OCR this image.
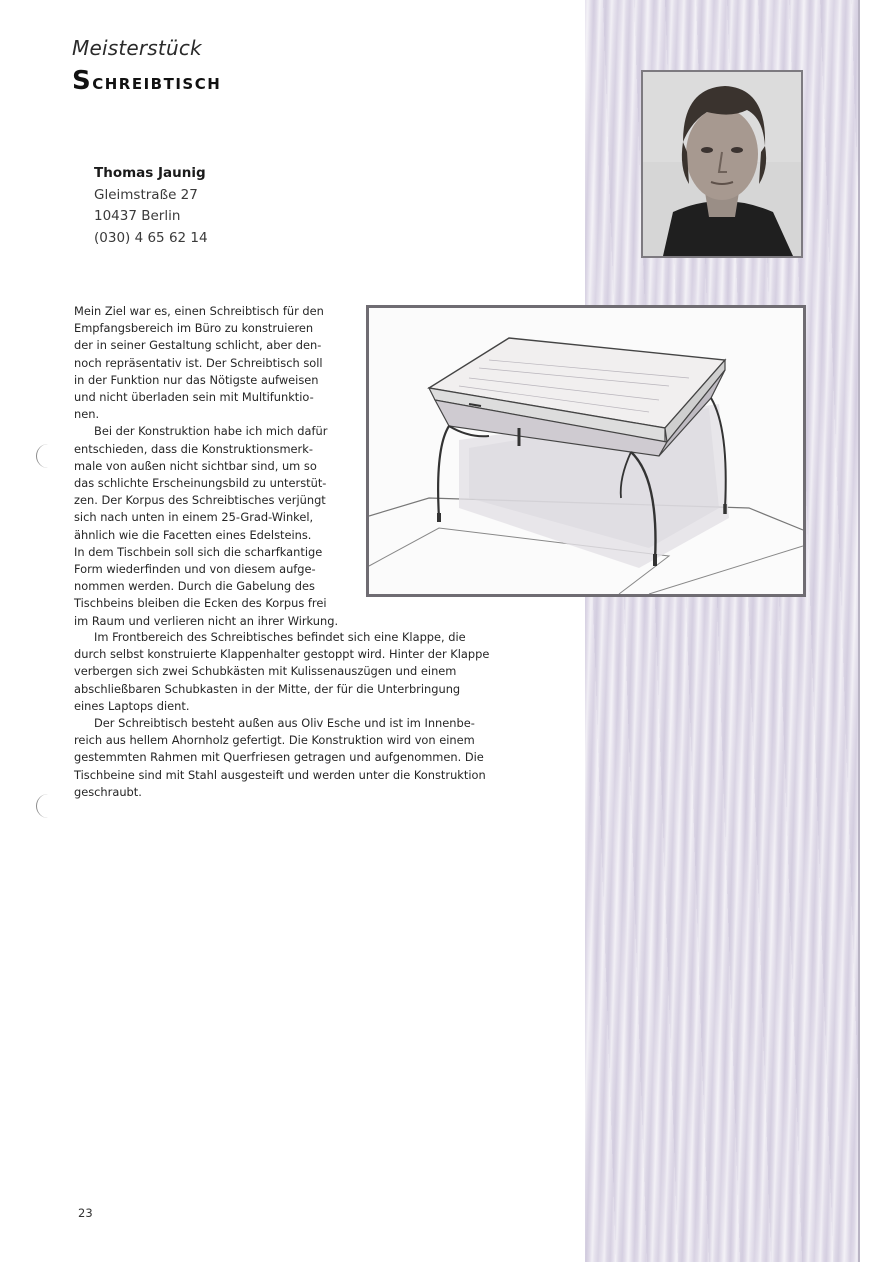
Meisterstück
Schreibtisch
Thomas Jaunig
Gleimstraße 27
10437 Berlin
(030) 4 65 62 14

Mein Ziel war es, einen Schreibtisch für den

Empfangsbereich im Büro zu konstruieren

der in seiner Gestaltung schlicht, aber den-

noch repräsentativ ist. Der Schreibtisch soll

in der Funktion nur das Nötigste aufweisen

und nicht überladen sein mit Multifunktio-

nen.

Bei der Konstruktion habe ich mich dafür

entschieden, dass die Konstruktionsmerk-

male von außen nicht sichtbar sind, um so

das schlichte Erscheinungsbild zu unterstüt-

zen. Der Korpus des Schreibtisches verjüngt

sich nach unten in einem 25-Grad-Winkel,

ähnlich wie die Facetten eines Edelsteins.

In dem Tischbein soll sich die scharfkantige

Form wiederfinden und von diesem aufge-

nommen werden. Durch die Gabelung des

Tischbeins bleiben die Ecken des Korpus frei

im Raum und verlieren nicht an ihrer Wirkung.

Im Frontbereich des Schreibtisches befindet sich eine Klappe, die

durch selbst konstruierte Klappenhalter gestoppt wird. Hinter der Klappe

verbergen sich zwei Schubkästen mit Kulissenauszügen und einem

abschließbaren Schubkasten in der Mitte, der für die Unterbringung

eines Laptops dient.

Der Schreibtisch besteht außen aus Oliv Esche und ist im Innenbe-

reich aus hellem Ahornholz gefertigt. Die Konstruktion wird von einem

gestemmten Rahmen mit Querfriesen getragen und aufgenommen. Die

Tischbeine sind mit Stahl ausgesteift und werden unter die Konstruktion

geschraubt.

23
